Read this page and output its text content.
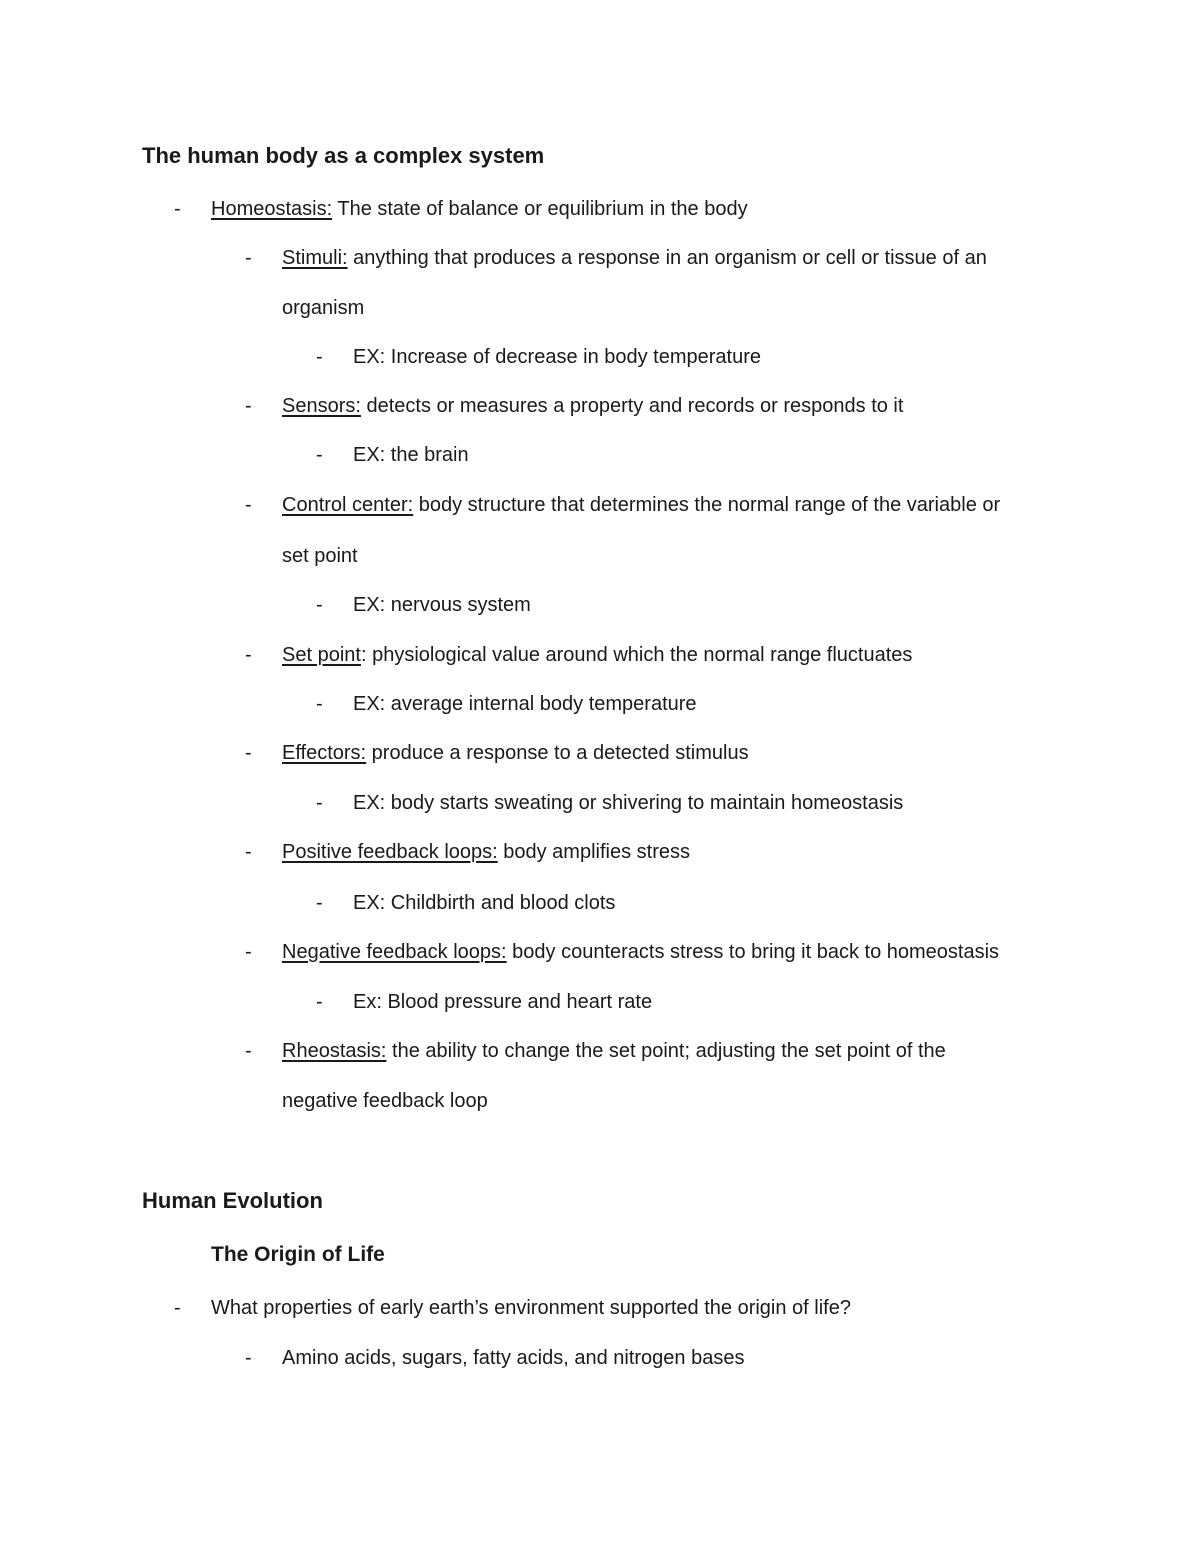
The human body as a complex system
- Homeostasis: The state of balance or equilibrium in the body
- Stimuli: anything that produces a response in an organism or cell or tissue of an
organism
- EX: Increase of decrease in body temperature
- Sensors: detects or measures a property and records or responds to it
- EX: the brain
- Control center: body structure that determines the normal range of the variable or
set point
- EX: nervous system
- Set point: physiological value around which the normal range fluctuates
- EX: average internal body temperature
- Effectors: produce a response to a detected stimulus
- EX: body starts sweating or shivering to maintain homeostasis
- Positive feedback loops: body amplifies stress
- EX: Childbirth and blood clots
- Negative feedback loops: body counteracts stress to bring it back to homeostasis
- Ex: Blood pressure and heart rate
- Rheostasis: the ability to change the set point; adjusting the set point of the
negative feedback loop
Human Evolution
The Origin of Life
- What properties of early earth’s environment supported the origin of life?
- Amino acids, sugars, fatty acids, and nitrogen bases
